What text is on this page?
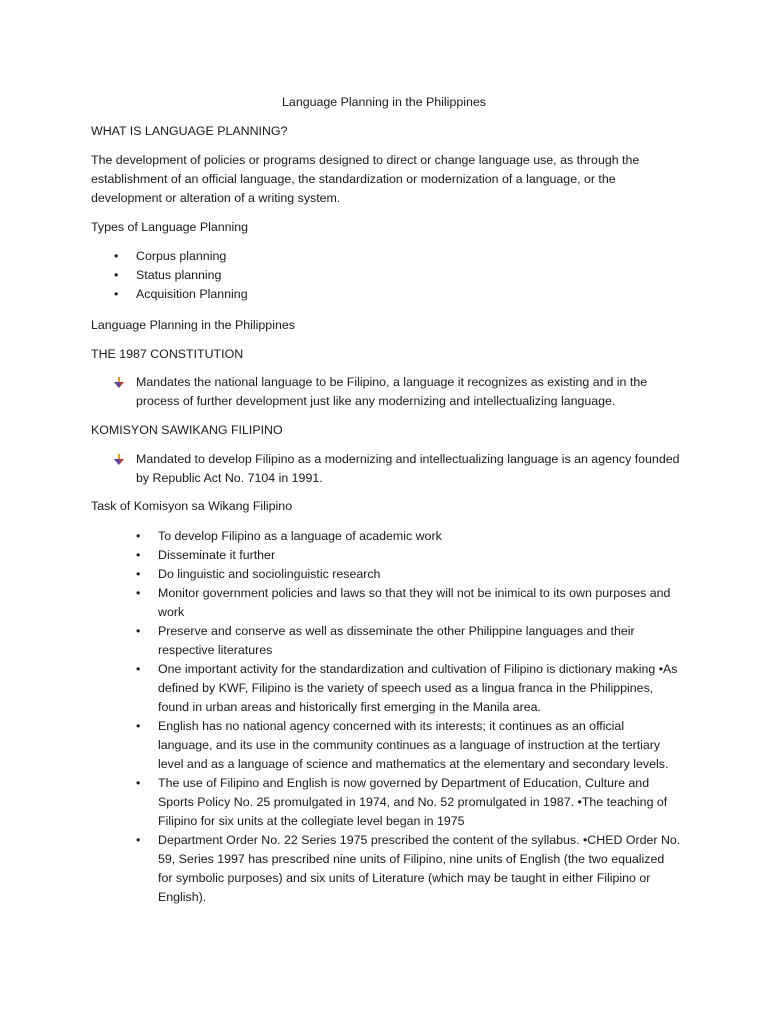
Language Planning in the Philippines

WHAT IS LANGUAGE PLANNING?

The development of policies or programs designed to direct or change language use, as through the establishment of an official language, the standardization or modernization of a language, or the development or alteration of a writing system.

Types of Language Planning

• Corpus planning
• Status planning
• Acquisition Planning

Language Planning in the Philippines

THE 1987 CONSTITUTION

Mandates the national language to be Filipino, a language it recognizes as existing and in the process of further development just like any modernizing and intellectualizing language.

KOMISYON SAWIKANG FILIPINO

Mandated to develop Filipino as a modernizing and intellectualizing language is an agency founded by Republic Act No. 7104 in 1991.

Task of Komisyon sa Wikang Filipino

• To develop Filipino as a language of academic work
• Disseminate it further
• Do linguistic and sociolinguistic research
• Monitor government policies and laws so that they will not be inimical to its own purposes and work
• Preserve and conserve as well as disseminate the other Philippine languages and their respective literatures
• One important activity for the standardization and cultivation of Filipino is dictionary making •As defined by KWF, Filipino is the variety of speech used as a lingua franca in the Philippines, found in urban areas and historically first emerging in the Manila area.
• English has no national agency concerned with its interests; it continues as an official language, and its use in the community continues as a language of instruction at the tertiary level and as a language of science and mathematics at the elementary and secondary levels.
• The use of Filipino and English is now governed by Department of Education, Culture and Sports Policy No. 25 promulgated in 1974, and No. 52 promulgated in 1987. •The teaching of Filipino for six units at the collegiate level began in 1975
• Department Order No. 22 Series 1975 prescribed the content of the syllabus. •CHED Order No. 59, Series 1997 has prescribed nine units of Filipino, nine units of English (the two equalized for symbolic purposes) and six units of Literature (which may be taught in either Filipino or English).
